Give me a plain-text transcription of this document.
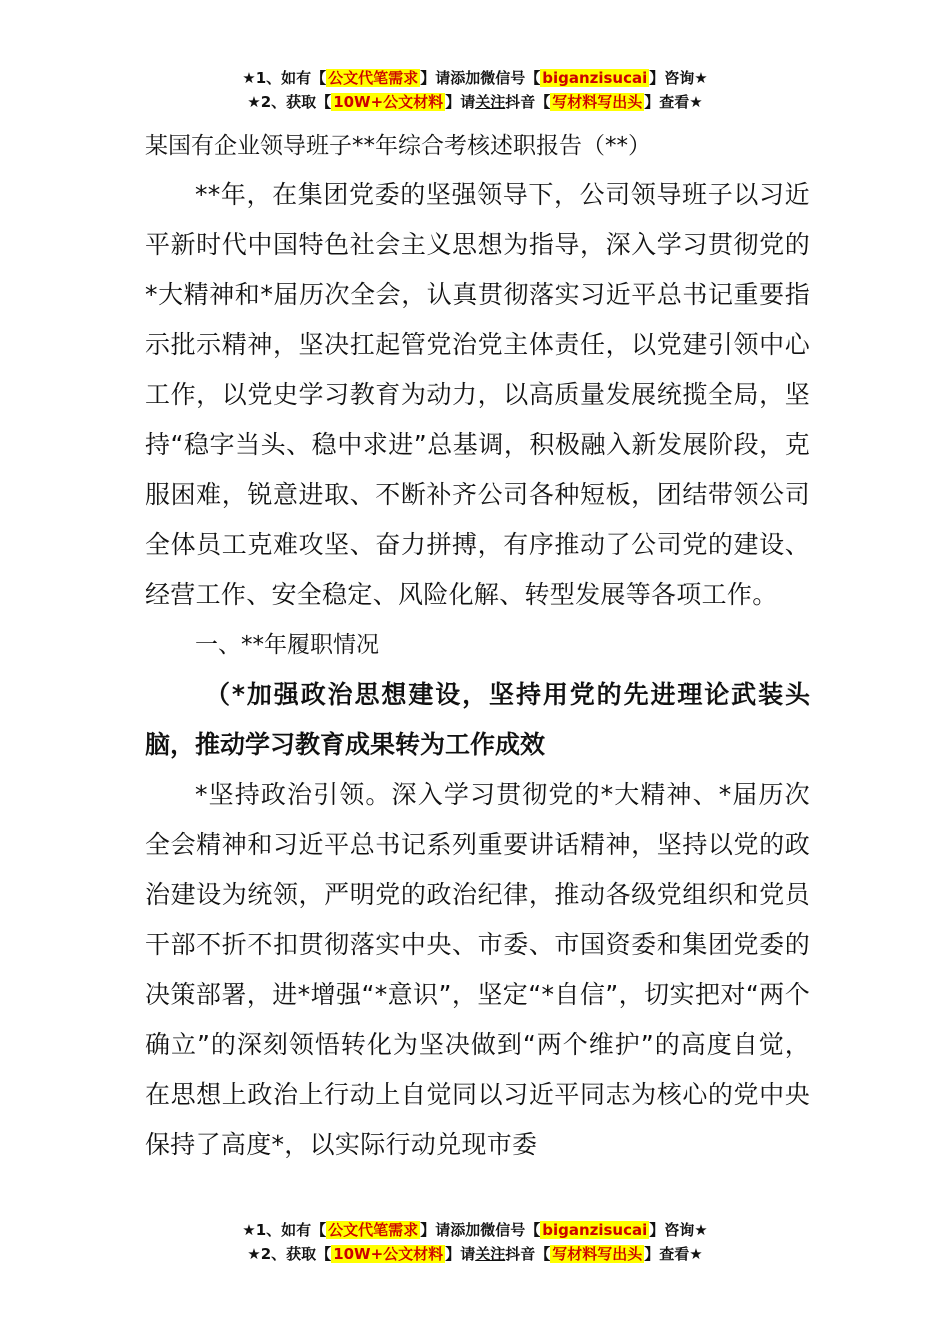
★1、如有【 公文代笔需求 】请添加微信号【 biganzisucai 】咨询★
★2、获取【 10W+公文材料 】请关注抖音【 写材料写出头 】查看★

某国有企业领导班子**年综合考核述职报告（**）

**年，在集团党委的坚强领导下，公司领导班子以习近平新时代中国特色社会主义思想为指导，深入学习贯彻党的*大精神和*届历次全会，认真贯彻落实习近平总书记重要指示批示精神，坚决扛起管党治党主体责任，以党建引领中心工作，以党史学习教育为动力，以高质量发展统揽全局，坚持“稳字当头、稳中求进”总基调，积极融入新发展阶段，克服困难，锐意进取、不断补齐公司各种短板，团结带领公司全体员工克难攻坚、奋力拼搏，有序推动了公司党的建设、经营工作、安全稳定、风险化解、转型发展等各项工作。

一、**年履职情况

（*加强政治思想建设，坚持用党的先进理论武装头脑，推动学习教育成果转为工作成效

*坚持政治引领。深入学习贯彻党的*大精神、*届历次全会精神和习近平总书记系列重要讲话精神，坚持以党的政治建设为统领，严明党的政治纪律，推动各级党组织和党员干部不折不扣贯彻落实中央、市委、市国资委和集团党委的决策部署，进*增强“*意识”，坚定“*自信”，切实把对“两个确立”的深刻领悟转化为坚决做到“两个维护”的高度自觉，在思想上政治上行动上自觉同以习近平同志为核心的党中央保持了高度*，以实际行动兑现市委

★1、如有【 公文代笔需求 】请添加微信号【 biganzisucai 】咨询★
★2、获取【 10W+公文材料 】请关注抖音【 写材料写出头 】查看★
